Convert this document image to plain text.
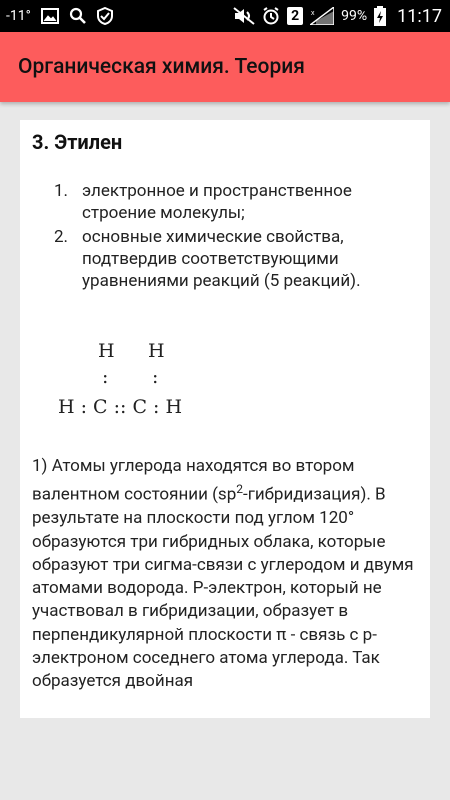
-11°	2	x 99% 11:17
Органическая химия. Теория
3. Этилен
1. электронное и пространственное строение молекулы;
2. основные химические свойства, подтвердив соответствующими уравнениями реакций (5 реакций).
H H
: :
H : C :: C : H
1) Атомы углерода находятся во втором валентном состоянии $(sp^2-гибридизация)$. В результате на плоскости под углом 120° образуются три гибридных облака, которые образуют три сигма-связи с углеродом и двумя атомами водорода. Р-электрон, который не участвовал в гибридизации, образует в перпендикулярной плоскости π - связь с р-электроном соседнего атома углерода. Так образуется двойная
